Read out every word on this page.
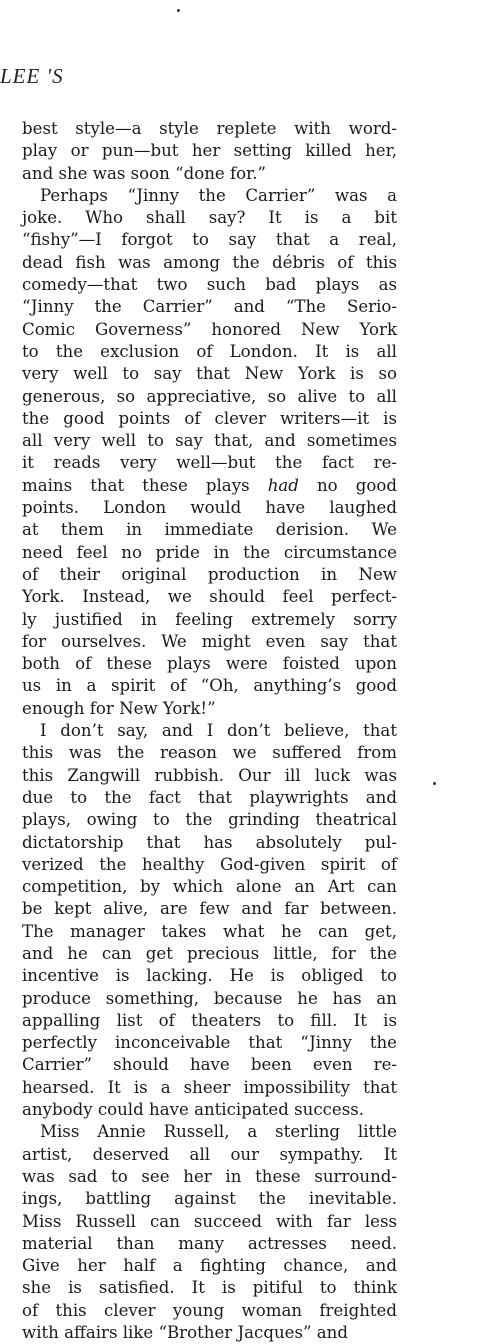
LEE 'S
best style—a style replete with word-
play or pun—but her setting killed her,
and she was soon “done for.”
Perhaps “Jinny the Carrier” was a
joke. Who shall say? It is a bit
“fishy”—I forgot to say that a real,
dead fish was among the débris of this
comedy—that two such bad plays as
“Jinny the Carrier” and “The Serio-
Comic Governess” honored New York
to the exclusion of London. It is all
very well to say that New York is so
generous, so appreciative, so alive to all
the good points of clever writers—it is
all very well to say that, and sometimes
it reads very well—but the fact re-
mains that these plays had no good
points. London would have laughed
at them in immediate derision. We
need feel no pride in the circumstance
of their original production in New
York. Instead, we should feel perfect-
ly justified in feeling extremely sorry
for ourselves. We might even say that
both of these plays were foisted upon
us in a spirit of “Oh, anything’s good
enough for New York!”
I don’t say, and I don’t believe, that
this was the reason we suffered from
this Zangwill rubbish. Our ill luck was
due to the fact that playwrights and
plays, owing to the grinding theatrical
dictatorship that has absolutely pul-
verized the healthy God-given spirit of
competition, by which alone an Art can
be kept alive, are few and far between.
The manager takes what he can get,
and he can get precious little, for the
incentive is lacking. He is obliged to
produce something, because he has an
appalling list of theaters to fill. It is
perfectly inconceivable that “Jinny the
Carrier” should have been even re-
hearsed. It is a sheer impossibility that
anybody could have anticipated success.
Miss Annie Russell, a sterling little
artist, deserved all our sympathy. It
was sad to see her in these surround-
ings, battling against the inevitable.
Miss Russell can succeed with far less
material than many actresses need.
Give her half a fighting chance, and
she is satisfied. It is pitiful to think
of this clever young woman freighted
with affairs like “Brother Jacques” and
